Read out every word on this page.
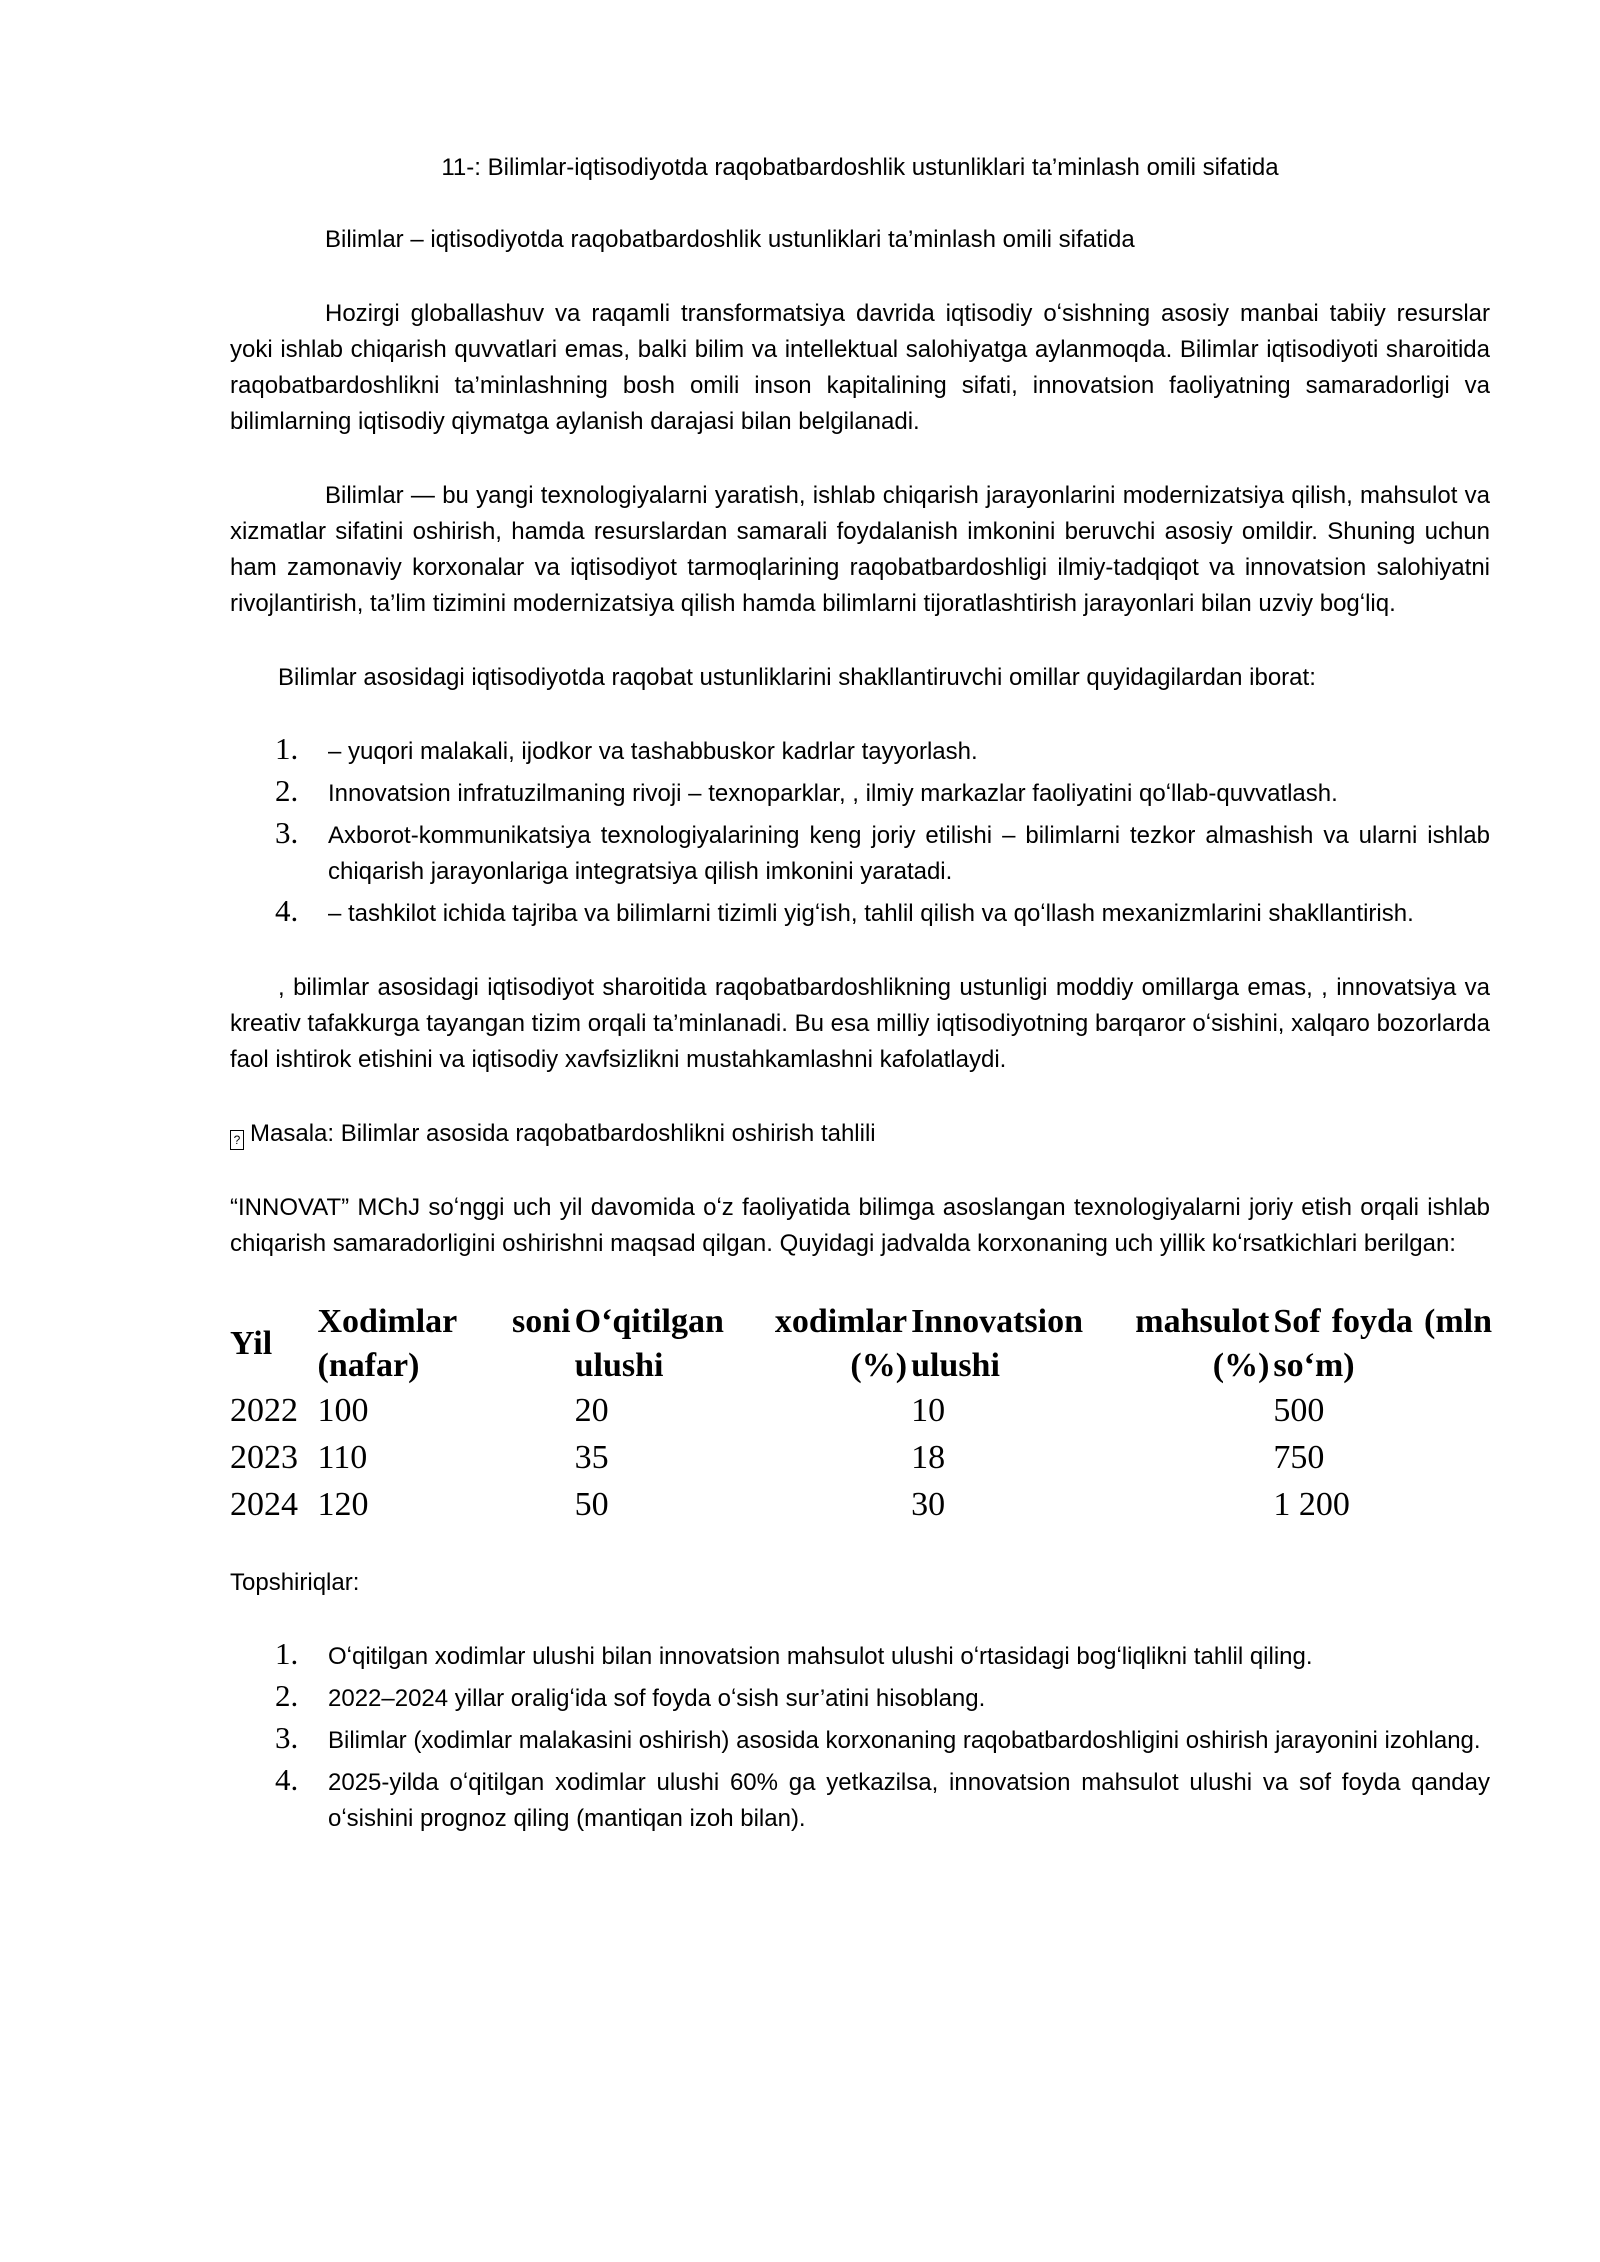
11-: Bilimlar-iqtisodiyotda raqobatbardoshlik ustunliklari ta’minlash omili sifatida

Bilimlar – iqtisodiyotda raqobatbardoshlik ustunliklari ta’minlash omili sifatida

Hozirgi globallashuv va raqamli transformatsiya davrida iqtisodiy oʻsishning asosiy manbai tabiiy resurslar yoki ishlab chiqarish quvvatlari emas, balki bilim va intellektual salohiyatga aylanmoqda. Bilimlar iqtisodiyoti sharoitida raqobatbardoshlikni ta’minlashning bosh omili inson kapitalining sifati, innovatsion faoliyatning samaradorligi va bilimlarning iqtisodiy qiymatga aylanish darajasi bilan belgilanadi.

Bilimlar — bu yangi texnologiyalarni yaratish, ishlab chiqarish jarayonlarini modernizatsiya qilish, mahsulot va xizmatlar sifatini oshirish, hamda resurslardan samarali foydalanish imkonini beruvchi asosiy omildir. Shuning uchun ham zamonaviy korxonalar va iqtisodiyot tarmoqlarining raqobatbardoshligi ilmiy-tadqiqot va innovatsion salohiyatni rivojlantirish, ta’lim tizimini modernizatsiya qilish hamda bilimlarni tijoratlashtirish jarayonlari bilan uzviy bogʻliq.

Bilimlar asosidagi iqtisodiyotda raqobat ustunliklarini shakllantiruvchi omillar quyidagilardan iborat:

1. – yuqori malakali, ijodkor va tashabbuskor kadrlar tayyorlash.
2. Innovatsion infratuzilmaning rivoji – texnoparklar, , ilmiy markazlar faoliyatini qoʻllab-quvvatlash.
3. Axborot-kommunikatsiya texnologiyalarining keng joriy etilishi – bilimlarni tezkor almashish va ularni ishlab chiqarish jarayonlariga integratsiya qilish imkonini yaratadi.
4. – tashkilot ichida tajriba va bilimlarni tizimli yigʻish, tahlil qilish va qoʻllash mexanizmlarini shakllantirish.

, bilimlar asosidagi iqtisodiyot sharoitida raqobatbardoshlikning ustunligi moddiy omillarga emas, , innovatsiya va kreativ tafakkurga tayangan tizim orqali ta’minlanadi. Bu esa milliy iqtisodiyotning barqaror oʻsishini, xalqaro bozorlarda faol ishtirok etishini va iqtisodiy xavfsizlikni mustahkamlashni kafolatlaydi.

? Masala: Bilimlar asosida raqobatbardoshlikni oshirish tahlili

“INNOVAT” MChJ soʻnggi uch yil davomida oʻz faoliyatida bilimga asoslangan texnologiyalarni joriy etish orqali ishlab chiqarish samaradorligini oshirishni maqsad qilgan. Quyidagi jadvalda korxonaning uch yillik koʻrsatkichlari berilgan:

Yil	Xodimlar soni (nafar)	Oʻqitilgan xodimlar ulushi (%)	Innovatsion mahsulot ulushi (%)	Sof foyda (mln soʻm)
2022	100	20	10	500
2023	110	35	18	750
2024	120	50	30	1 200

Topshiriqlar:

1. Oʻqitilgan xodimlar ulushi bilan innovatsion mahsulot ulushi oʻrtasidagi bogʻliqlikni tahlil qiling.
2. 2022–2024 yillar oraligʻida sof foyda oʻsish sur’atini hisoblang.
3. Bilimlar (xodimlar malakasini oshirish) asosida korxonaning raqobatbardoshligini oshirish jarayonini izohlang.
4. 2025-yilda oʻqitilgan xodimlar ulushi 60% ga yetkazilsa, innovatsion mahsulot ulushi va sof foyda qanday oʻsishini prognoz qiling (mantiqan izoh bilan).
